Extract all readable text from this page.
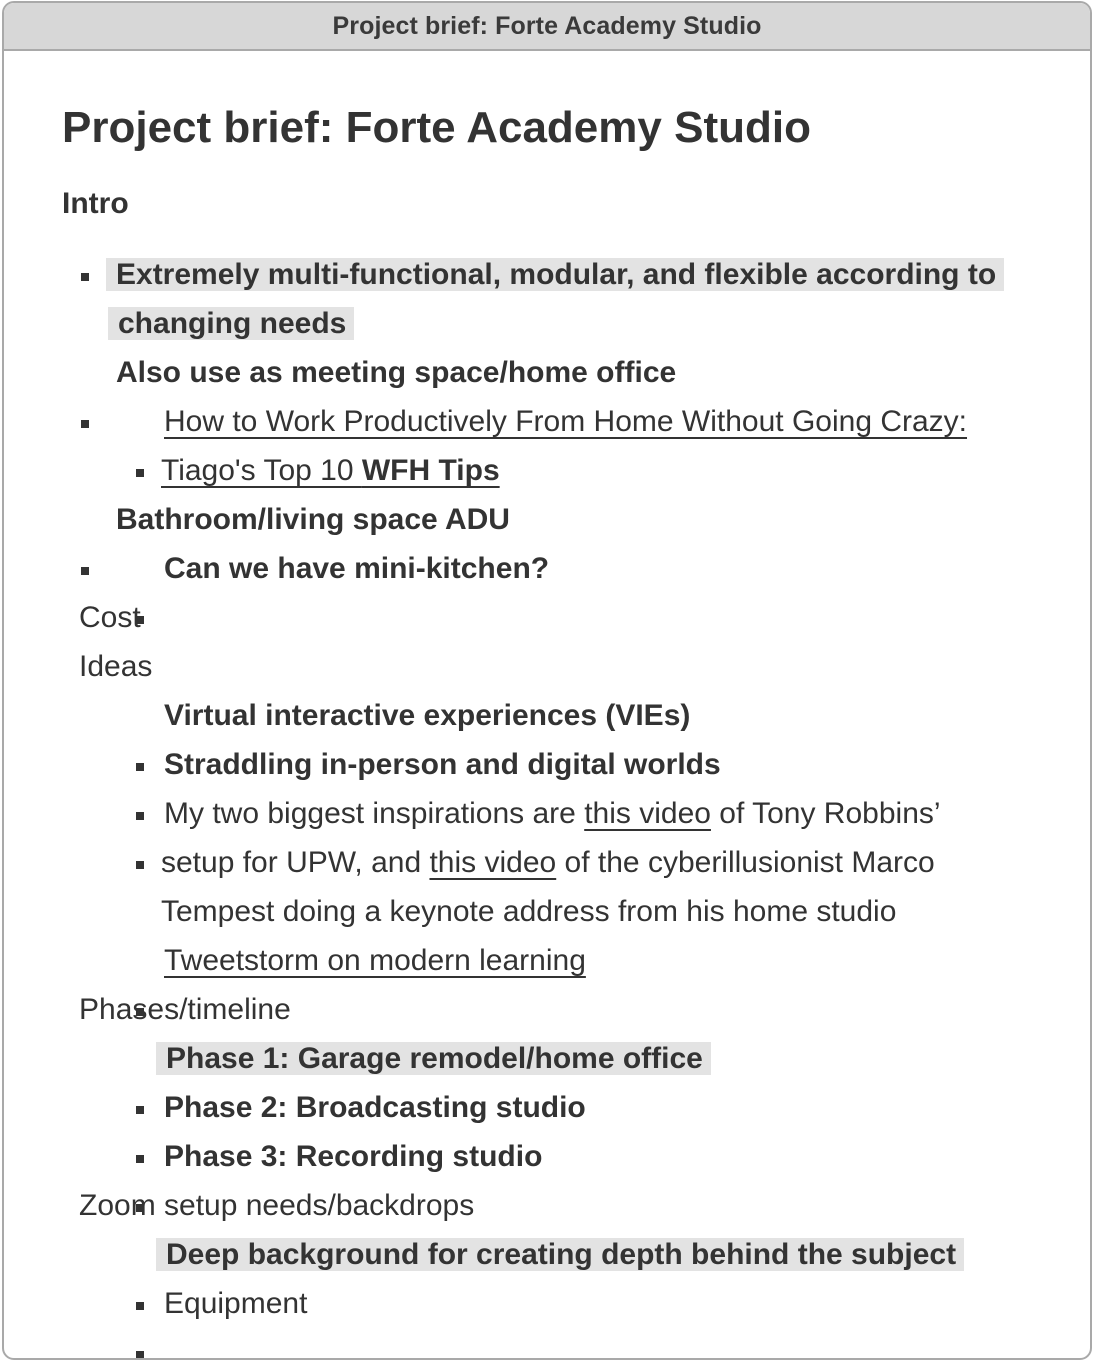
Project brief: Forte Academy Studio
Project brief: Forte Academy Studio
Intro
Extremely multi-functional, modular, and flexible according to
changing needs
Also use as meeting space/home office
How to Work Productively From Home Without Going Crazy:
Tiago's Top 10 WFH Tips
Bathroom/living space ADU
Can we have mini-kitchen?
Cost
Ideas
Virtual interactive experiences (VIEs)
Straddling in-person and digital worlds
My two biggest inspirations are this video of Tony Robbins’
setup for UPW, and this video of the cyberillusionist Marco
Tempest doing a keynote address from his home studio
Tweetstorm on modern learning
Phases/timeline
Phase 1: Garage remodel/home office
Phase 2: Broadcasting studio
Phase 3: Recording studio
Zoom setup needs/backdrops
Deep background for creating depth behind the subject
Equipment
